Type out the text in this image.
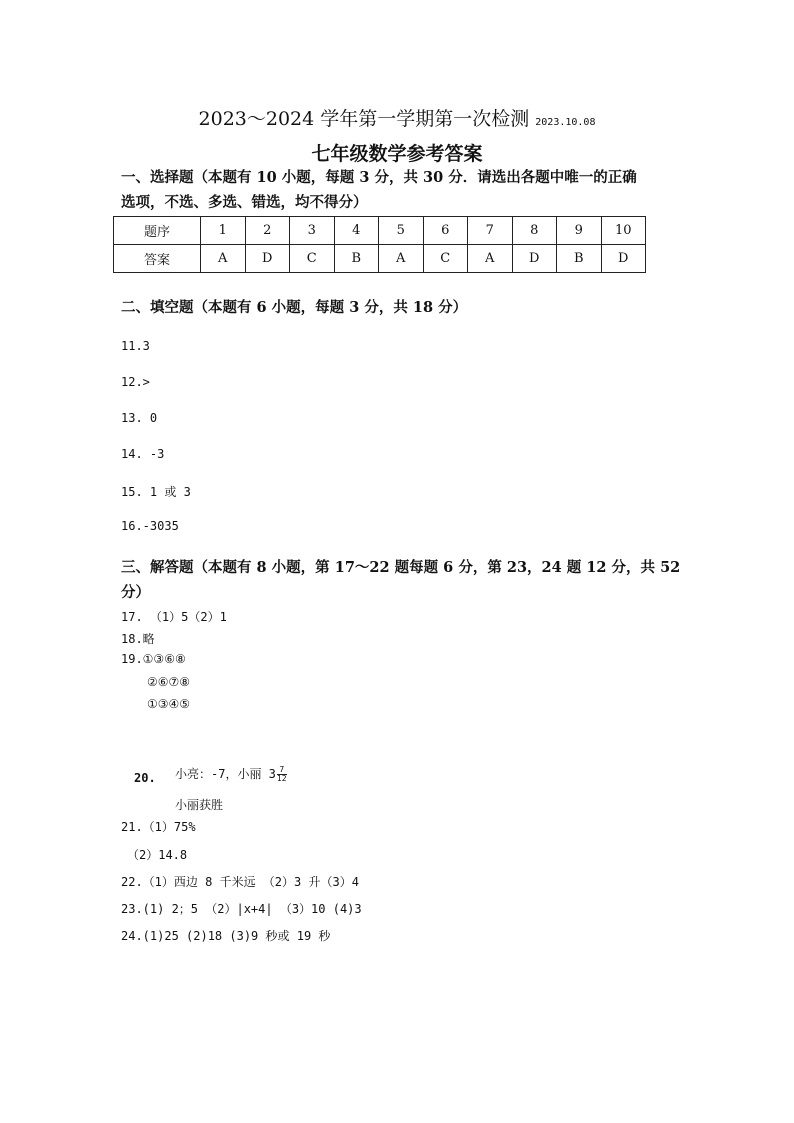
2023～2024 学年第一学期第一次检测 2023.10.08
七年级数学参考答案
一、选择题（本题有 10 小题，每题 3 分，共 30 分．请选出各题中唯一的正确
选项，不选、多选、错选，均不得分）
题序	1	2	3	4	5	6	7	8	9	10
答案	A	D	C	B	A	C	A	D	B	D
二、填空题（本题有 6 小题，每题 3 分，共 18 分）
11.3
12.>
13. 0
14. -3
15. 1 或 3
16.-3035
三、解答题（本题有 8 小题，第 17～22 题每题 6 分，第 23，24 题 12 分，共 52
分）
17. （1）5（2）1
18.略
19.①③⑥⑧
②⑥⑦⑧
①③④⑤
20. 小亮：-7，小丽 $3 \frac{7}{12}$
小丽获胜
21.（1）75%
（2）14.8
22.（1）西边 8 千米远 （2）3 升（3）4
23.(1) 2；5 （2）|x+4| （3）10 (4)3
24.(1)25 (2)18 (3)9 秒或 19 秒
